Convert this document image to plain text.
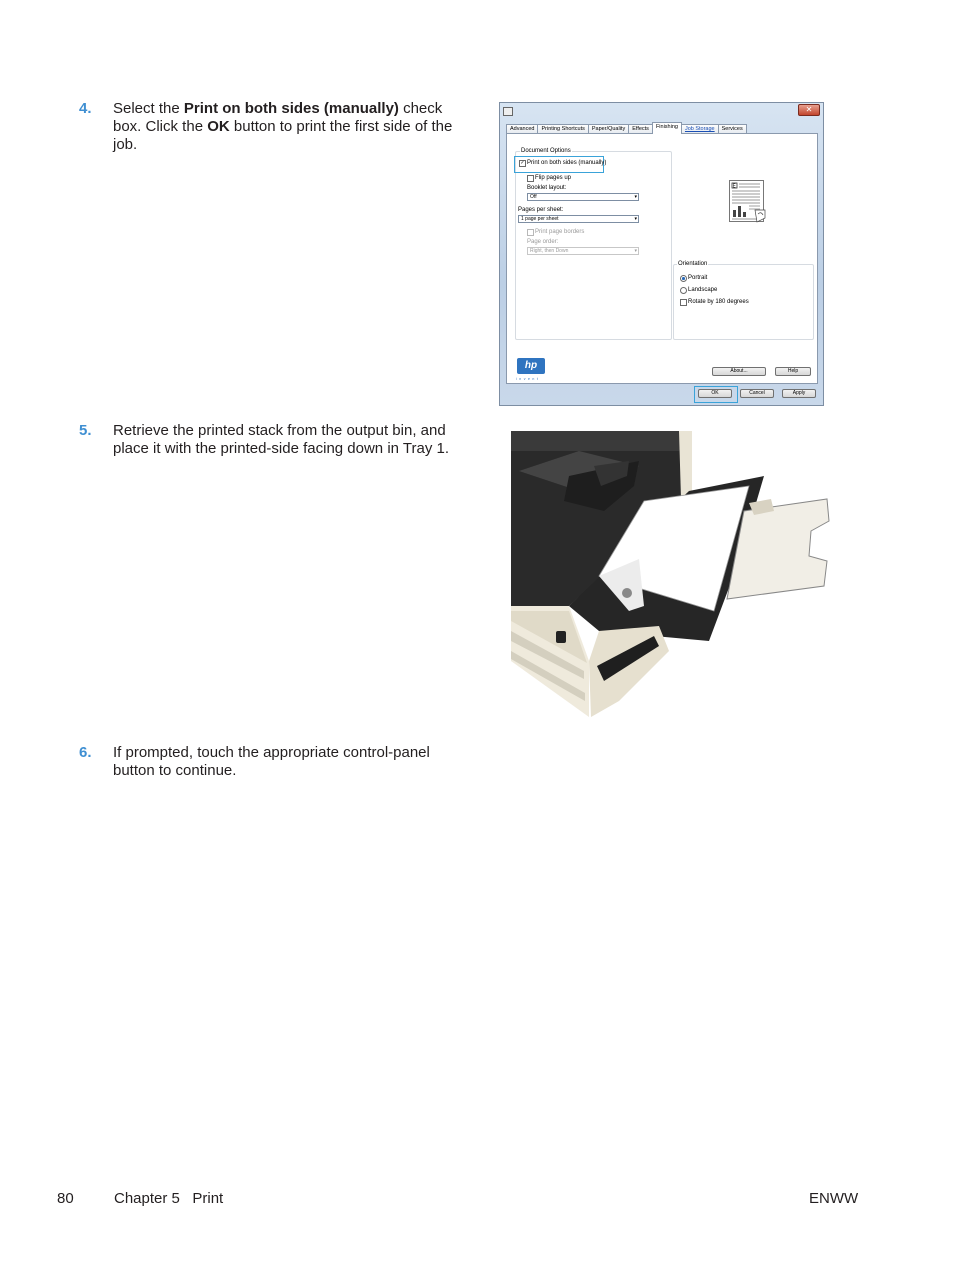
4. Select the Print on both sides (manually) check box. Click the OK button to print the first side of the job.
5. Retrieve the printed stack from the output bin, and place it with the printed-side facing down in Tray 1.
6. If prompted, touch the appropriate control-panel button to continue.
✕
Advanced	Printing Shortcuts	Paper/Quality	Effects	Finishing	Job Storage	Services
Document Options
✓ Print on both sides (manually)
Flip pages up
Booklet layout:
Off	▾
Pages per sheet:
1 page per sheet	▾
Print page borders
Page order:
Right, then Down	▾
E
Orientation
Portrait
Landscape
Rotate by 180 degrees
hp
invent
About...	Help
OK	Cancel	Apply
80	Chapter 5   Print	ENWW
